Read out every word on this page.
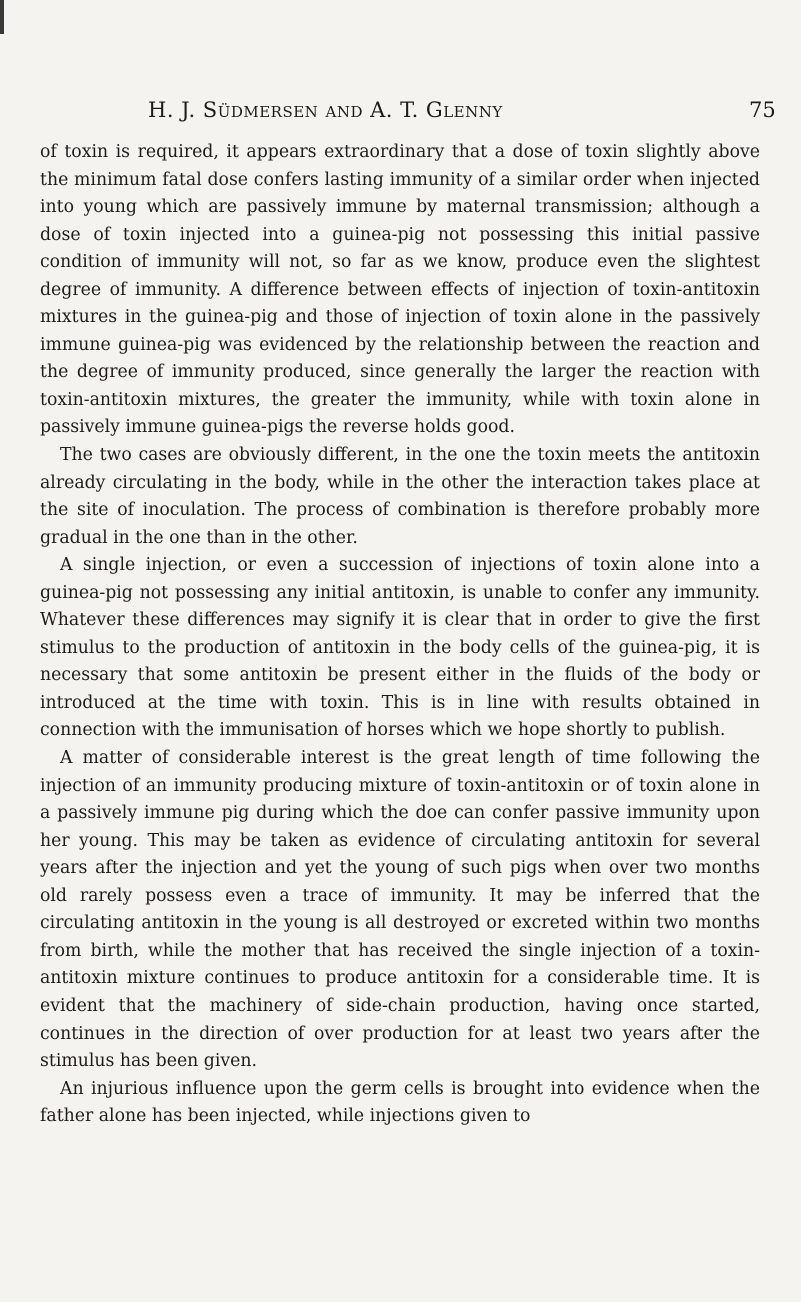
H. J. Südmersen and A. T. Glenny	75

of toxin is required, it appears extraordinary that a dose of toxin slightly above the minimum fatal dose confers lasting immunity of a similar order when injected into young which are passively immune by maternal transmission; although a dose of toxin injected into a guinea-pig not possessing this initial passive condition of immunity will not, so far as we know, produce even the slightest degree of immunity. A difference between effects of injection of toxin-antitoxin mixtures in the guinea-pig and those of injection of toxin alone in the passively immune guinea-pig was evidenced by the relationship between the reaction and the degree of immunity produced, since generally the larger the reaction with toxin-antitoxin mixtures, the greater the immunity, while with toxin alone in passively immune guinea-pigs the reverse holds good.

The two cases are obviously different, in the one the toxin meets the antitoxin already circulating in the body, while in the other the interaction takes place at the site of inoculation. The process of combination is therefore probably more gradual in the one than in the other.

A single injection, or even a succession of injections of toxin alone into a guinea-pig not possessing any initial antitoxin, is unable to confer any immunity. Whatever these differences may signify it is clear that in order to give the first stimulus to the production of antitoxin in the body cells of the guinea-pig, it is necessary that some antitoxin be present either in the fluids of the body or introduced at the time with toxin. This is in line with results obtained in connection with the immunisation of horses which we hope shortly to publish.

A matter of considerable interest is the great length of time following the injection of an immunity producing mixture of toxin-antitoxin or of toxin alone in a passively immune pig during which the doe can confer passive immunity upon her young. This may be taken as evidence of circulating antitoxin for several years after the injection and yet the young of such pigs when over two months old rarely possess even a trace of immunity. It may be inferred that the circulating antitoxin in the young is all destroyed or excreted within two months from birth, while the mother that has received the single injection of a toxin-antitoxin mixture continues to produce antitoxin for a considerable time. It is evident that the machinery of side-chain production, having once started, continues in the direction of over production for at least two years after the stimulus has been given.

An injurious influence upon the germ cells is brought into evidence when the father alone has been injected, while injections given to
